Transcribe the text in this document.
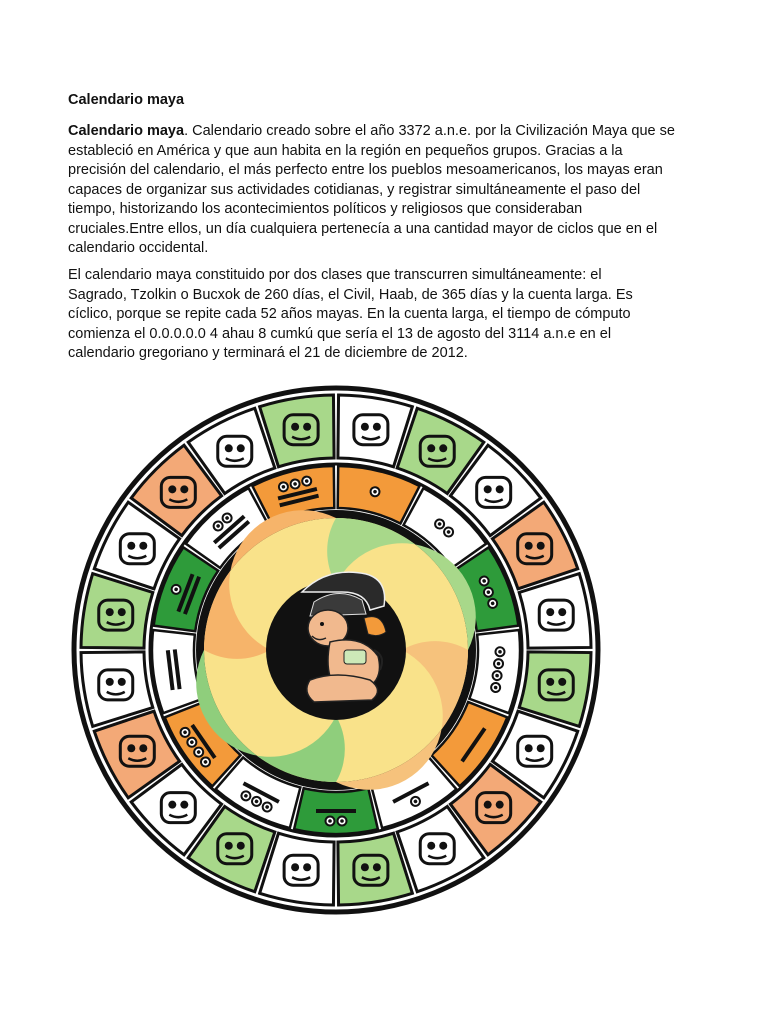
Calendario maya

Calendario maya. Calendario creado sobre el año 3372 a.n.e. por la Civilización Maya que se
estableció en América y que aun habita en la región en pequeños grupos. Gracias a la
precisión del calendario, el más perfecto entre los pueblos mesoamericanos, los mayas eran
capaces de organizar sus actividades cotidianas, y registrar simultáneamente el paso del
tiempo, historizando los acontecimientos políticos y religiosos que consideraban
cruciales.Entre ellos, un día cualquiera pertenecía a una cantidad mayor de ciclos que en el
calendario occidental.

El calendario maya constituido por dos clases que transcurren simultáneamente: el
Sagrado, Tzolkin o Bucxok de 260 días, el Civil, Haab, de 365 días y la cuenta larga. Es
cíclico, porque se repite cada 52 años mayas. En la cuenta larga, el tiempo de cómputo
comienza el 0.0.0.0.0 4 ahau 8 cumkú que sería el 13 de agosto del 3114 a.n.e en el
calendario gregoriano y terminará el 21 de diciembre de 2012.
